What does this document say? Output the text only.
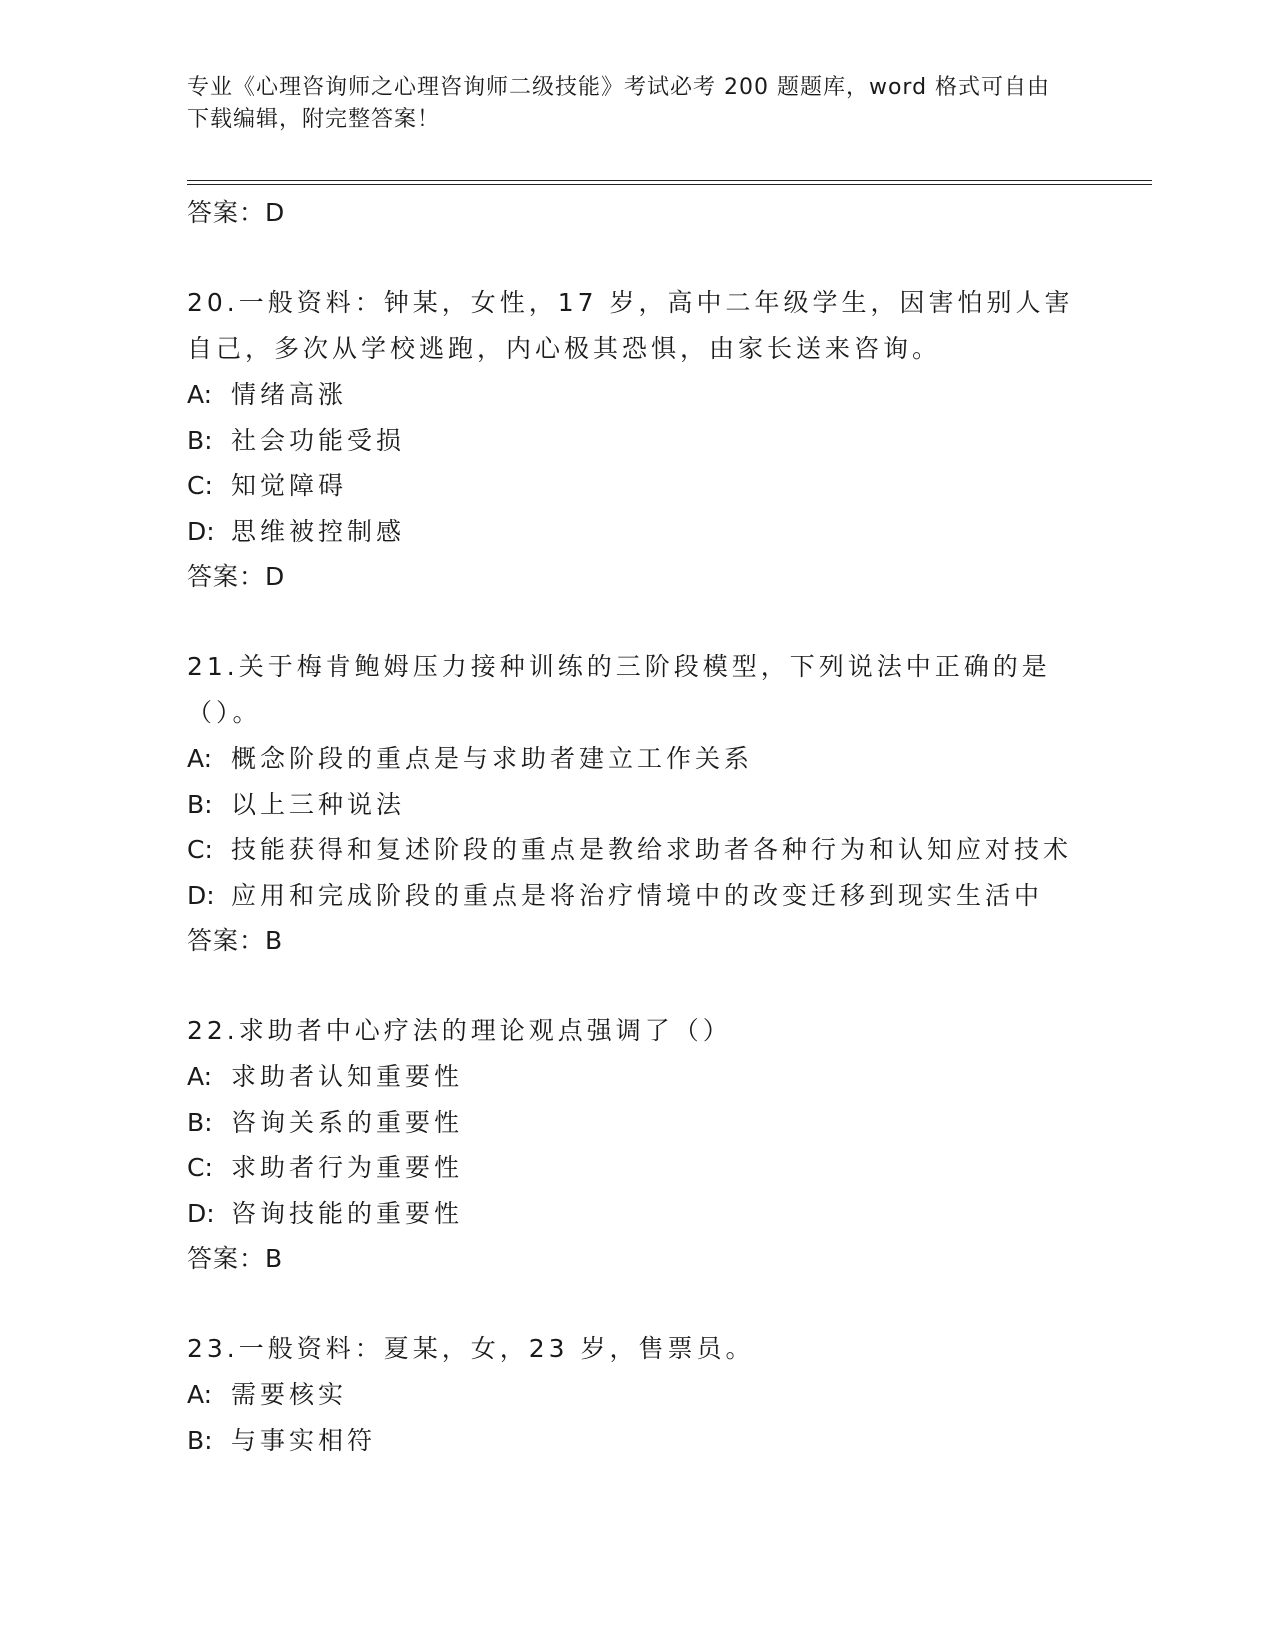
专业《心理咨询师之心理咨询师二级技能》考试必考 200 题题库，word 格式可自由下载编辑，附完整答案！
答案：D
20.一般资料：钟某，女性，17 岁，高中二年级学生，因害怕别人害自己，多次从学校逃跑，内心极其恐惧，由家长送来咨询。
A: 情绪高涨
B: 社会功能受损
C: 知觉障碍
D: 思维被控制感
答案：D
21.关于梅肯鲍姆压力接种训练的三阶段模型，下列说法中正确的是（）。
A: 概念阶段的重点是与求助者建立工作关系
B: 以上三种说法
C: 技能获得和复述阶段的重点是教给求助者各种行为和认知应对技术
D: 应用和完成阶段的重点是将治疗情境中的改变迁移到现实生活中
答案：B
22.求助者中心疗法的理论观点强调了（）
A: 求助者认知重要性
B: 咨询关系的重要性
C: 求助者行为重要性
D: 咨询技能的重要性
答案：B
23.一般资料：夏某，女，23 岁，售票员。
A: 需要核实
B: 与事实相符
